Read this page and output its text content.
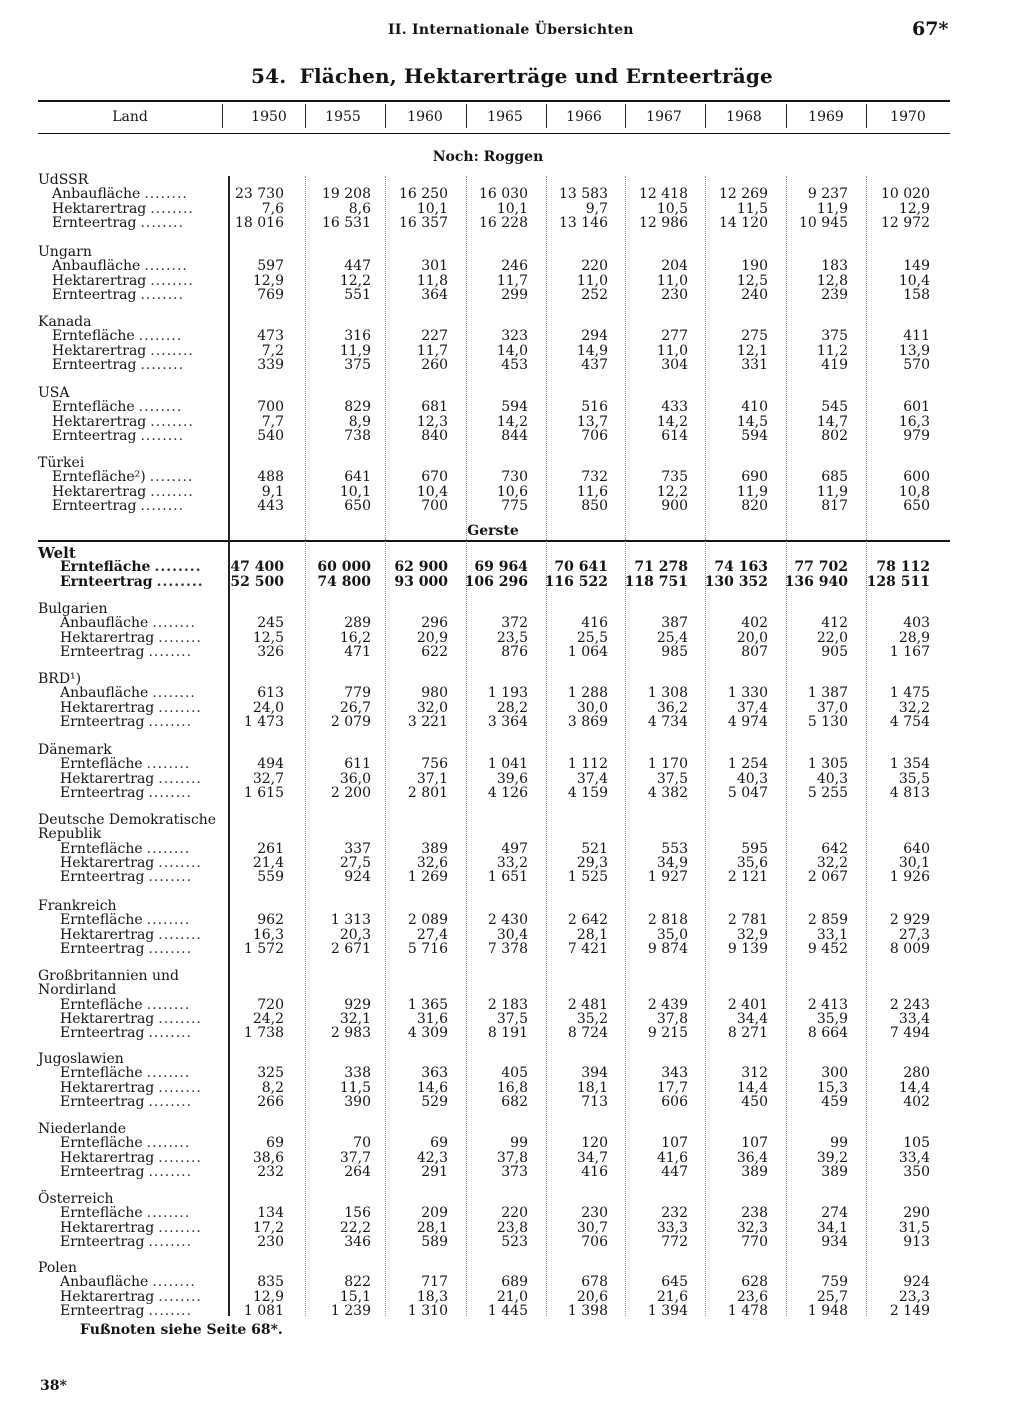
II. Internationale Übersichten	67*
54. Flächen, Hektarerträge und Ernteerträge
Land	1950	1955	1960	1965	1966	1967	1968	1969	1970
Noch: Roggen
Gerste
UdSSR
Anbaufläche ........	23 730	19 208	16 250	16 030	13 583	12 418	12 269	9 237	10 020
Hektarertrag ........	7,6	8,6	10,1	10,1	9,7	10,5	11,5	11,9	12,9
Ernteertrag ........	18 016	16 531	16 357	16 228	13 146	12 986	14 120	10 945	12 972
Ungarn
Anbaufläche ........	597	447	301	246	220	204	190	183	149
Hektarertrag ........	12,9	12,2	11,8	11,7	11,0	11,0	12,5	12,8	10,4
Ernteertrag ........	769	551	364	299	252	230	240	239	158
Kanada
Erntefläche ........	473	316	227	323	294	277	275	375	411
Hektarertrag ........	7,2	11,9	11,7	14,0	14,9	11,0	12,1	11,2	13,9
Ernteertrag ........	339	375	260	453	437	304	331	419	570
USA
Erntefläche ........	700	829	681	594	516	433	410	545	601
Hektarertrag ........	7,7	8,9	12,3	14,2	13,7	14,2	14,5	14,7	16,3
Ernteertrag ........	540	738	840	844	706	614	594	802	979
Türkei
Erntefläche²) ........	488	641	670	730	732	735	690	685	600
Hektarertrag ........	9,1	10,1	10,4	10,6	11,6	12,2	11,9	11,9	10,8
Ernteertrag ........	443	650	700	775	850	900	820	817	650
Welt
Erntefläche ........	47 400	60 000	62 900	69 964	70 641	71 278	74 163	77 702	78 112
Ernteertrag ........	52 500	74 800	93 000	106 296	116 522	118 751	130 352	136 940	128 511
Bulgarien
Anbaufläche ........	245	289	296	372	416	387	402	412	403
Hektarertrag ........	12,5	16,2	20,9	23,5	25,5	25,4	20,0	22,0	28,9
Ernteertrag ........	326	471	622	876	1 064	985	807	905	1 167
BRD¹)
Anbaufläche ........	613	779	980	1 193	1 288	1 308	1 330	1 387	1 475
Hektarertrag ........	24,0	26,7	32,0	28,2	30,0	36,2	37,4	37,0	32,2
Ernteertrag ........	1 473	2 079	3 221	3 364	3 869	4 734	4 974	5 130	4 754
Dänemark
Erntefläche ........	494	611	756	1 041	1 112	1 170	1 254	1 305	1 354
Hektarertrag ........	32,7	36,0	37,1	39,6	37,4	37,5	40,3	40,3	35,5
Ernteertrag ........	1 615	2 200	2 801	4 126	4 159	4 382	5 047	5 255	4 813
Deutsche Demokratische
Republik
Erntefläche ........	261	337	389	497	521	553	595	642	640
Hektarertrag ........	21,4	27,5	32,6	33,2	29,3	34,9	35,6	32,2	30,1
Ernteertrag ........	559	924	1 269	1 651	1 525	1 927	2 121	2 067	1 926
Frankreich
Erntefläche ........	962	1 313	2 089	2 430	2 642	2 818	2 781	2 859	2 929
Hektarertrag ........	16,3	20,3	27,4	30,4	28,1	35,0	32,9	33,1	27,3
Ernteertrag ........	1 572	2 671	5 716	7 378	7 421	9 874	9 139	9 452	8 009
Großbritannien und
Nordirland
Erntefläche ........	720	929	1 365	2 183	2 481	2 439	2 401	2 413	2 243
Hektarertrag ........	24,2	32,1	31,6	37,5	35,2	37,8	34,4	35,9	33,4
Ernteertrag ........	1 738	2 983	4 309	8 191	8 724	9 215	8 271	8 664	7 494
Jugoslawien
Erntefläche ........	325	338	363	405	394	343	312	300	280
Hektarertrag ........	8,2	11,5	14,6	16,8	18,1	17,7	14,4	15,3	14,4
Ernteertrag ........	266	390	529	682	713	606	450	459	402
Niederlande
Erntefläche ........	69	70	69	99	120	107	107	99	105
Hektarertrag ........	38,6	37,7	42,3	37,8	34,7	41,6	36,4	39,2	33,4
Ernteertrag ........	232	264	291	373	416	447	389	389	350
Österreich
Erntefläche ........	134	156	209	220	230	232	238	274	290
Hektarertrag ........	17,2	22,2	28,1	23,8	30,7	33,3	32,3	34,1	31,5
Ernteertrag ........	230	346	589	523	706	772	770	934	913
Polen
Anbaufläche ........	835	822	717	689	678	645	628	759	924
Hektarertrag ........	12,9	15,1	18,3	21,0	20,6	21,6	23,6	25,7	23,3
Ernteertrag ........	1 081	1 239	1 310	1 445	1 398	1 394	1 478	1 948	2 149
Fußnoten siehe Seite 68*.
38*
